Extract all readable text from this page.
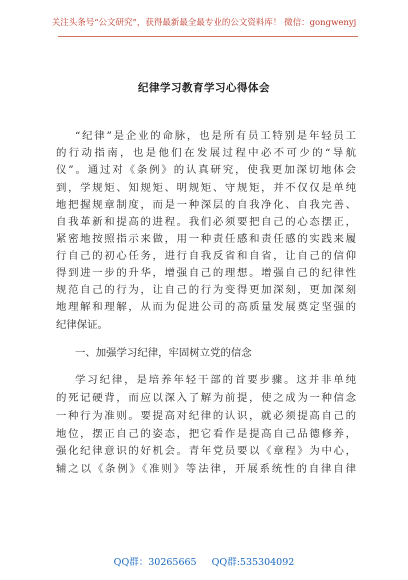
关注头条号“公文研究”，获得最新最全最专业的公文资料库！ 微信：gongwenyj
纪律学习教育学习心得体会
“纪律”是企业的命脉，也是所有员工特别是年轻员工
的行动指南，也是他们在发展过程中必不可少的“导航
仪”。通过对《条例》的认真研究，使我更加深切地体会
到，学规矩、知规矩、明规矩、守规矩，并不仅仅是单纯
地把握规章制度，而是一种深层的自我净化、自我完善、
自我革新和提高的进程。我们必须要把自己的心态摆正，
紧密地按照指示来做，用一种责任感和责任感的实践来履
行自己的初心任务，进行自我反省和自省，让自己的信仰
得到进一步的升华，增强自己的理想。增强自己的纪律性
规范自己的行为，让自己的行为变得更加深刻，更加深刻
地理解和理解，从而为促进公司的高质量发展奠定坚强的
纪律保证。
一、加强学习纪律，牢固树立党的信念
学习纪律，是培养年轻干部的首要步骤。这并非单纯
的死记硬背，而应以深入了解为前提，使之成为一种信念
一种行为准则。要提高对纪律的认识，就必须提高自己的
地位，摆正自己的姿态，把它看作是提高自己品德修养，
强化纪律意识的好机会。青年党员要以《章程》为中心，
辅之以《条例》《准则》等法律，开展系统性的自律自律
QQ群：30265665 QQ群:535304092
